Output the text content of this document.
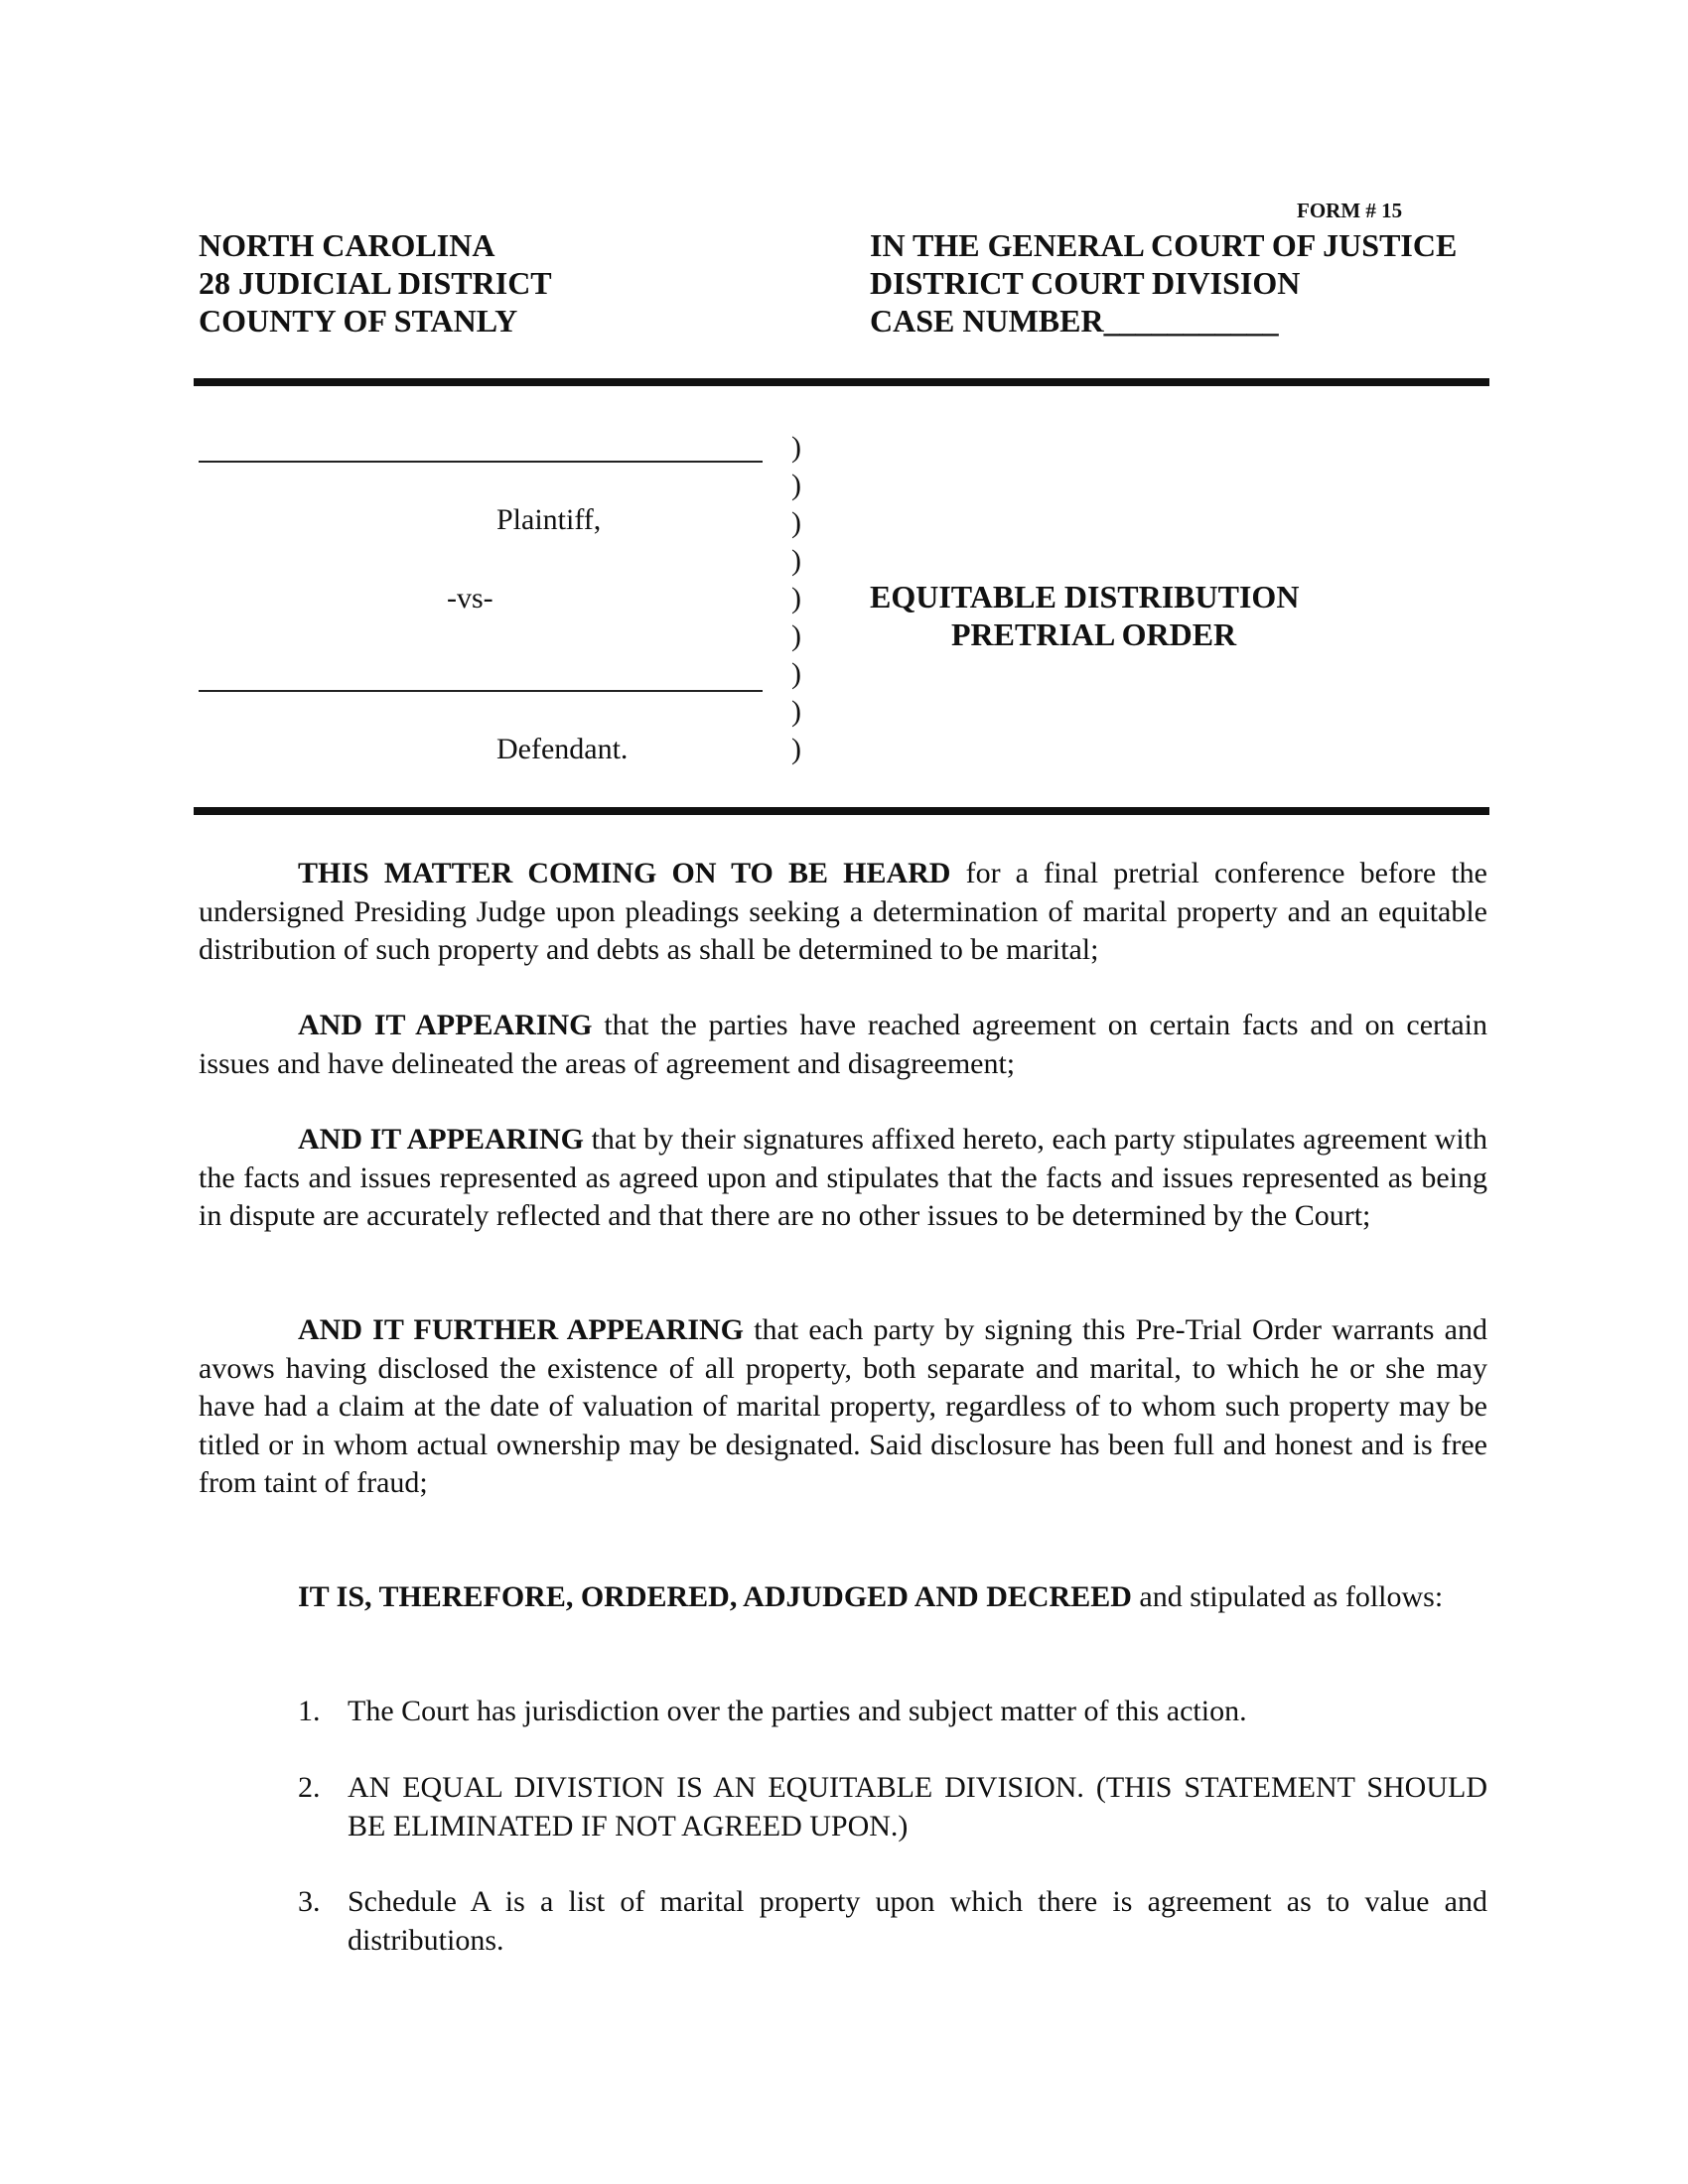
FORM # 15
NORTH CAROLINA
28 JUDICIAL DISTRICT
COUNTY OF STANLY
IN THE GENERAL COURT OF JUSTICE
DISTRICT COURT DIVISION
CASE NUMBER___________
Plaintiff,
-vs-
Defendant.
)
)
)
)
)
)
)
)
)
EQUITABLE DISTRIBUTION
PRETRIAL ORDER
THIS MATTER COMING ON TO BE HEARD for a final pretrial conference before the undersigned Presiding Judge upon pleadings seeking a determination of marital property and an equitable distribution of such property and debts as shall be determined to be marital;
AND IT APPEARING that the parties have reached agreement on certain facts and on certain issues and have delineated the areas of agreement and disagreement;
AND IT APPEARING that by their signatures affixed hereto, each party stipulates agreement with the facts and issues represented as agreed upon and stipulates that the facts and issues represented as being in dispute are accurately reflected and that there are no other issues to be determined by the Court;
AND IT FURTHER APPEARING that each party by signing this Pre-Trial Order warrants and avows having disclosed the existence of all property, both separate and marital, to which he or she may have had a claim at the date of valuation of marital property, regardless of to whom such property may be titled or in whom actual ownership may be designated. Said disclosure has been full and honest and is free from taint of fraud;
IT IS, THEREFORE, ORDERED, ADJUDGED AND DECREED and stipulated as follows:
1. The Court has jurisdiction over the parties and subject matter of this action.
2. AN EQUAL DIVISTION IS AN EQUITABLE DIVISION. (THIS STATEMENT SHOULD BE ELIMINATED IF NOT AGREED UPON.)
3. Schedule A is a list of marital property upon which there is agreement as to value and distributions.
